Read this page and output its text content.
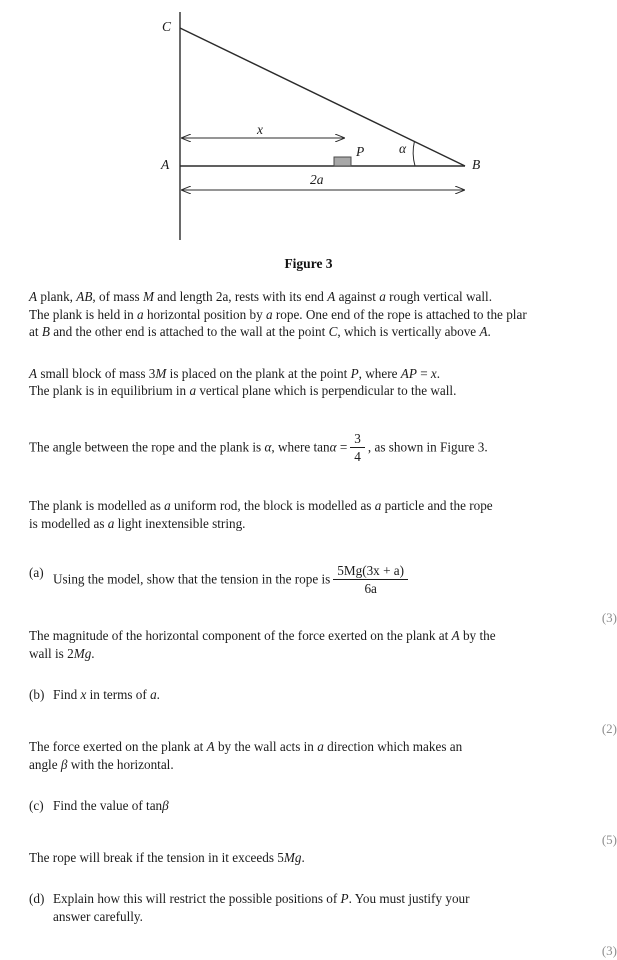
C
A	B
P	α
x
2a
Figure 3
A plank, AB, of mass M and length 2a, rests with its end A against a rough vertical wall.
The plank is held in a horizontal position by a rope. One end of the rope is attached to the plar
at B and the other end is attached to the wall at the point C, which is vertically above A.
A small block of mass 3M is placed on the plank at the point P, where AP = x.
The plank is in equilibrium in a vertical plane which is perpendicular to the wall.
The angle between the rope and the plank is α, where $\tan\alpha = \frac{3}{4}$ , as shown in Figure 3.
The plank is modelled as a uniform rod, the block is modelled as a particle and the rope
is modelled as a light inextensible string.
(a) Using the model, show that the tension in the rope is $\frac{5Mg(3x + a)}{6a}$
(3)
The magnitude of the horizontal component of the force exerted on the plank at A by the
wall is 2Mg.
(b) Find x in terms of a.
(2)
The force exerted on the plank at A by the wall acts in a direction which makes an
angle β with the horizontal.
(c) Find the value of tanβ
(5)
The rope will break if the tension in it exceeds 5Mg.
(d) Explain how this will restrict the possible positions of P. You must justify your
answer carefully.
(3)
